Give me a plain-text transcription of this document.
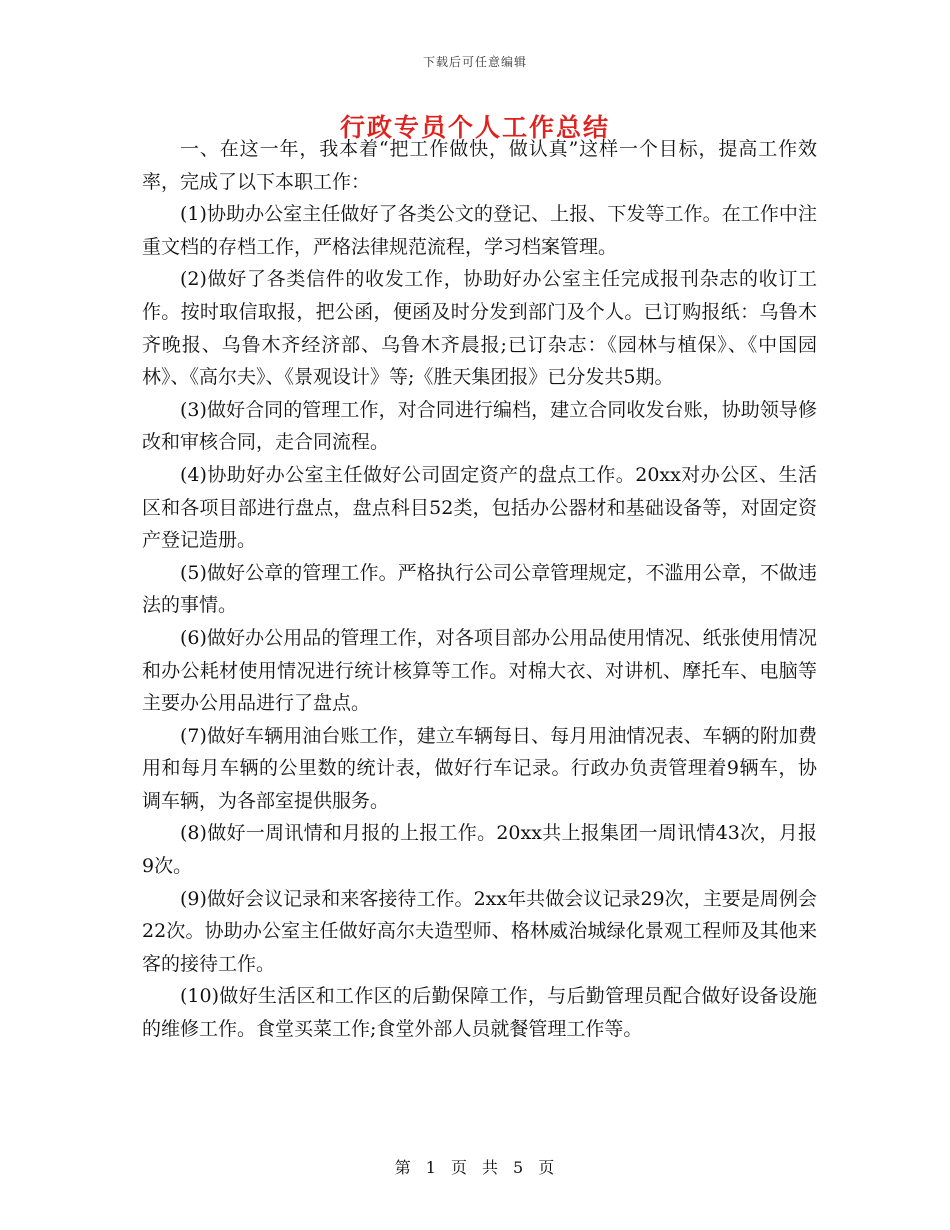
下载后可任意编辑
行政专员个人工作总结

一、在这一年，我本着“把工作做快，做认真”这样一个目标，提高工作效率，完成了以下本职工作：

(1)协助办公室主任做好了各类公文的登记、上报、下发等工作。在工作中注重文档的存档工作，严格法律规范流程，学习档案管理。

(2)做好了各类信件的收发工作，协助好办公室主任完成报刊杂志的收订工作。按时取信取报，把公函，便函及时分发到部门及个人。已订购报纸：乌鲁木齐晚报、乌鲁木齐经济部、乌鲁木齐晨报;已订杂志：《园林与植保》、《中国园林》、《高尔夫》、《景观设计》等;《胜天集团报》已分发共5期。

(3)做好合同的管理工作，对合同进行编档，建立合同收发台账，协助领导修改和审核合同，走合同流程。

(4)协助好办公室主任做好公司固定资产的盘点工作。20xx对办公区、生活区和各项目部进行盘点，盘点科目52类，包括办公器材和基础设备等，对固定资产登记造册。

(5)做好公章的管理工作。严格执行公司公章管理规定，不滥用公章，不做违法的事情。

(6)做好办公用品的管理工作，对各项目部办公用品使用情况、纸张使用情况和办公耗材使用情况进行统计核算等工作。对棉大衣、对讲机、摩托车、电脑等主要办公用品进行了盘点。

(7)做好车辆用油台账工作，建立车辆每日、每月用油情况表、车辆的附加费用和每月车辆的公里数的统计表，做好行车记录。行政办负责管理着9辆车，协调车辆，为各部室提供服务。

(8)做好一周讯情和月报的上报工作。20xx共上报集团一周讯情43次，月报9次。

(9)做好会议记录和来客接待工作。2xx年共做会议记录29次，主要是周例会22次。协助办公室主任做好高尔夫造型师、格林威治城绿化景观工程师及其他来客的接待工作。

(10)做好生活区和工作区的后勤保障工作，与后勤管理员配合做好设备设施的维修工作。食堂买菜工作;食堂外部人员就餐管理工作等。

第 1 页 共 5 页
